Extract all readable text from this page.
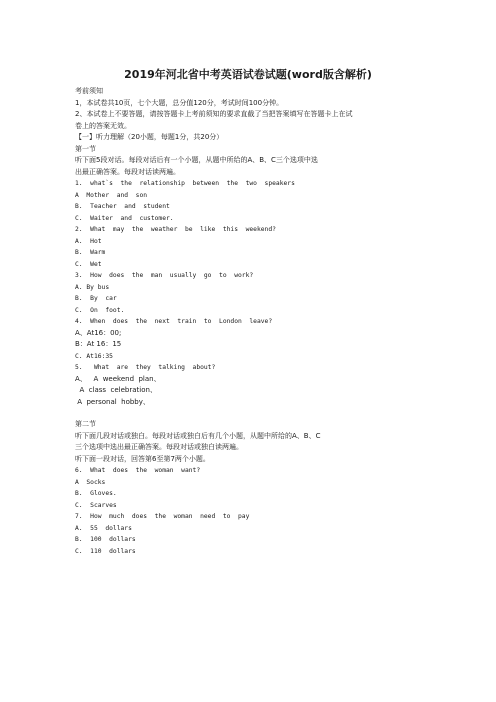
2019年河北省中考英语试卷试题(word版含解析)
考前须知
1，本试卷共10页，七个大题，总分值120分，考试时间100分钟。
2、本试卷上不要答题，请按答题卡上考前须知的要求直截了当把答案填写在答题卡上在试
卷上的答案无效。
【一】听力理解（20小题，每题1分，共20分）
第一节
听下面5段对话。每段对话后有一个小题，从题中所给的A、B、C三个选项中选
出最正确答案。每段对话读两遍。
1.  what`s  the  relationship  between  the  two  speakers
A  Mother  and  son
B.  Teacher  and  student
C.  Waiter  and  customer.
2.  What  may  the  weather  be  like  this  weekend?
A.  Hot
B.  Warm
C.  Wet
3.  How  does  the  man  usually  go  to  work?
A. By bus
B.  By  car
C.  On  foot.
4.  When  does  the  next  train  to  London  leave?
A、At16：00;
B：At 16：15
C. At16:35
5.   What  are  they  talking  about?
A、   A  weekend  plan、
A  class  celebration、
A  personal  hobby、
第二节
听下面几段对话或独白。每段对话或独白后有几个小题，从题中所给的A、B、C
三个选项中选出最正确答案。每段对话或独白读两遍。
听下面一段对话，回答第6至第7两个小题。
6.  What  does  the  woman  want?
A  Socks
B.  Gloves.
C.  Scarves
7.  How  much  does  the  woman  need  to  pay
A.  55  dollars
B.  100  dollars
C.  110  dollars
